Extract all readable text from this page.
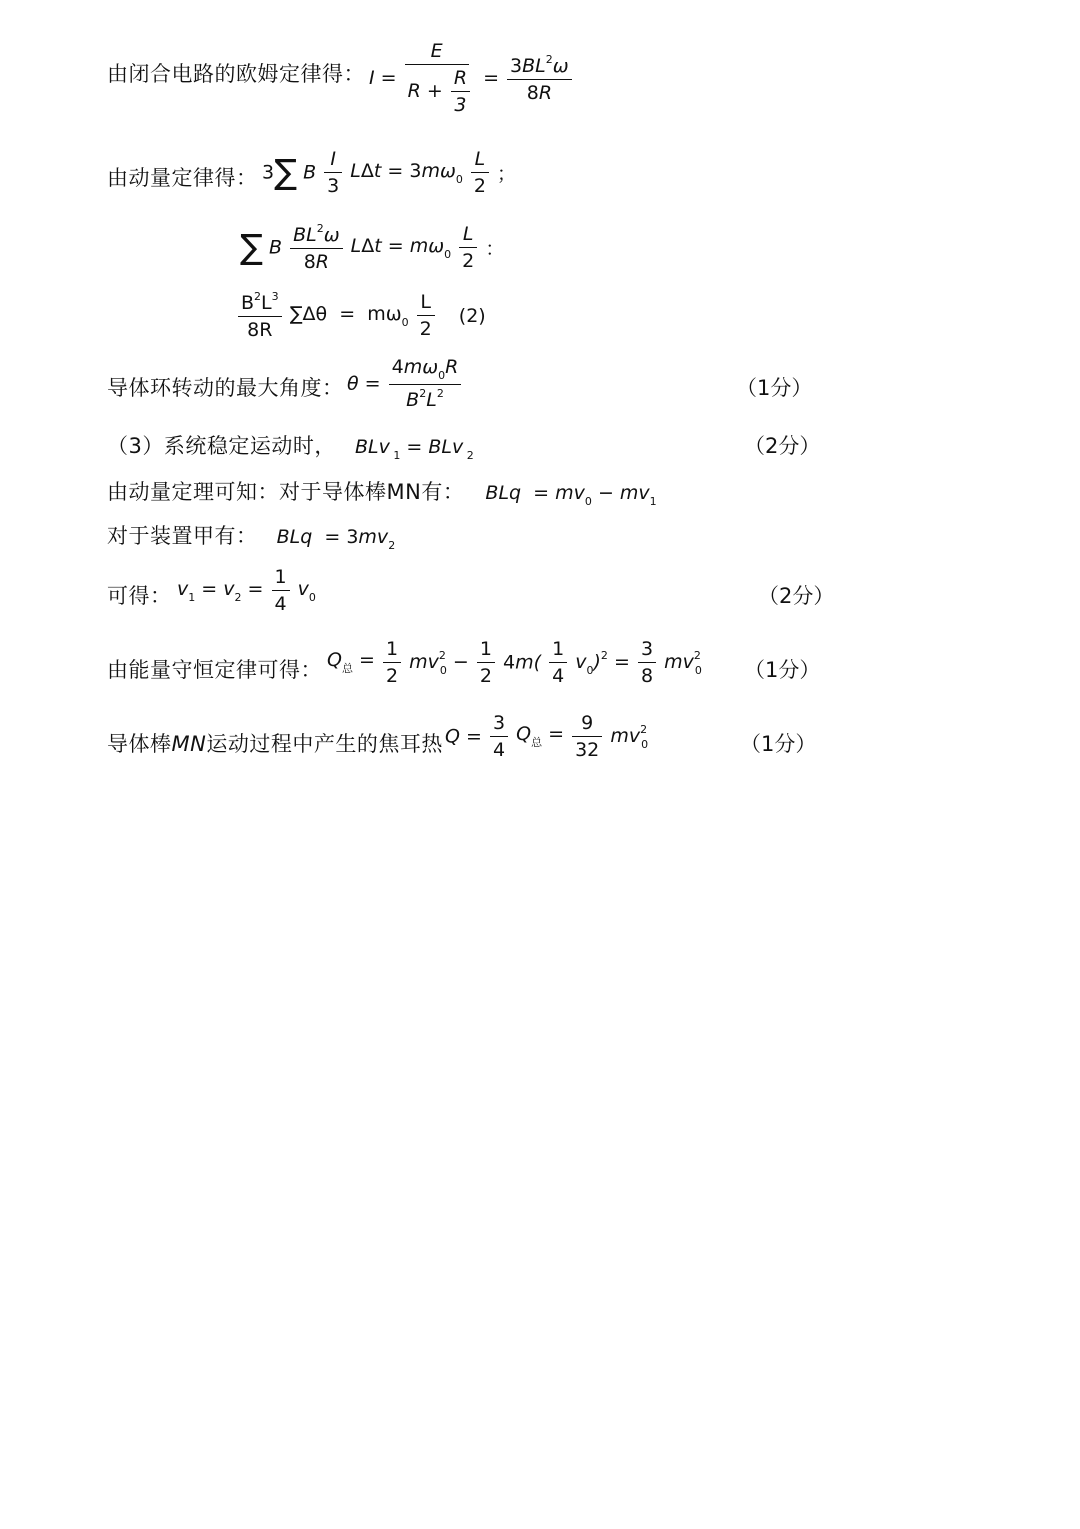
由闭合电路的欧姆定律得： $I = \frac{E}{R + \frac{R}{3}} = \frac{3BL^2\omega}{8R}$
由动量定律得： 3∑ B $\frac{I}{3}$ $L\Delta t = 3m\omega_0 \frac{L}{2}$ ；
∑ B $\frac{BL^2\omega}{8R}$ $L\Delta t = m\omega_0 \frac{L}{2}$ ：
$\frac{B^2L^3}{8R} \sum\Delta\theta = m\omega_0 \frac{L}{2} (2)$
导体环转动的最大角度： $\theta = \frac{4m\omega_0R}{B^2L^2}$	（1分）
（3）系统稳定运动时， BLv $_1$ = BLv $_2$	（2分）
由动量定理可知：对于导体棒MN有： BLq  = $mv_0 - mv_1$
对于装置甲有： BLq  = $3mv_2$
可得： $v_1 = v_2 = \frac{1}{4} v_0$	（2分）
由能量守恒定律可得： $Q_总 = \frac{1}{2} mv^2_0 - \frac{1}{2} 4m( \frac{1}{4} v_0)^2 = \frac{3}{8} mv^2_0$ （1分）
导体棒MN运动过程中产生的焦耳热 $Q = \frac{3}{4} Q_总 = \frac{9}{32} mv^2_0$	（1分）
